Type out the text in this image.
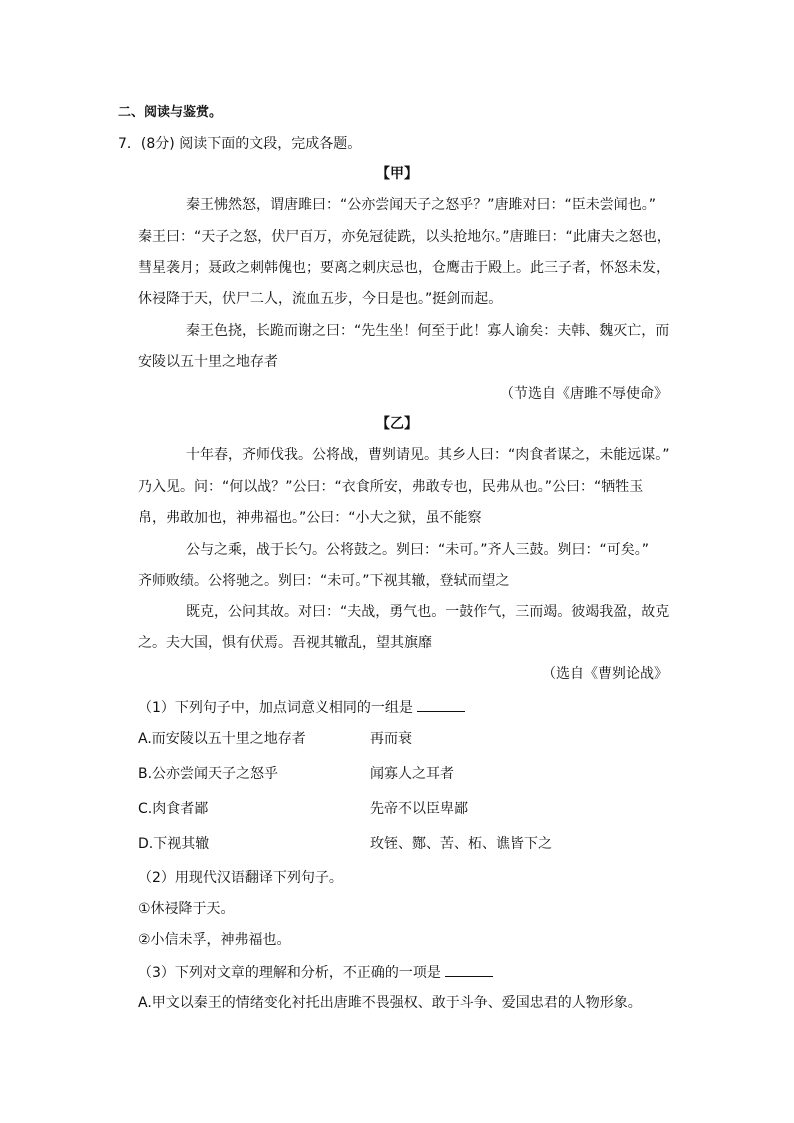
二、阅读与鉴赏。
7．(8分) 阅读下面的文段，完成各题。
【甲】
秦王怫然怒，谓唐雎曰：“公亦尝闻天子之怒乎？”唐雎对曰：“臣未尝闻也。”
秦王曰：“天子之怒，伏尸百万，亦免冠徒跣，以头抢地尔。”唐雎曰：“此庸夫之怒也，
彗星袭月；聂政之刺韩傀也；要离之刺庆忌也，仓鹰击于殿上。此三子者，怀怒未发，
休祲降于天，伏尸二人，流血五步，今日是也。”挺剑而起。
秦王色挠，长跪而谢之曰：“先生坐！何至于此！寡人谕矣：夫韩、魏灭亡，而
安陵以五十里之地存者
（节选自《唐雎不辱使命》
【乙】
十年春，齐师伐我。公将战，曹刿请见。其乡人曰：“肉食者谋之，未能远谋。”
乃入见。问：“何以战？”公曰：“衣食所安，弗敢专也，民弗从也。”公曰：“牺牲玉
帛，弗敢加也，神弗福也。”公曰：“小大之狱，虽不能察
公与之乘，战于长勺。公将鼓之。刿曰：“未可。”齐人三鼓。刿曰：“可矣。”
齐师败绩。公将驰之。刿曰：“未可。”下视其辙，登轼而望之
既克，公问其故。对曰：“夫战，勇气也。一鼓作气，三而竭。彼竭我盈，故克
之。夫大国，惧有伏焉。吾视其辙乱，望其旗靡
（选自《曹刿论战》
（1）下列句子中，加点词意义相同的一组是
A.而安陵以五十里之地存者	再而衰
B.公亦尝闻天子之怒乎	闻寡人之耳者
C.肉食者鄙	先帝不以臣卑鄙
D.下视其辙	玫铚、酂、苦、柘、谯皆下之
（2）用现代汉语翻译下列句子。
①休祲降于天。
②小信未孚，神弗福也。
（3）下列对文章的理解和分析，不正确的一项是
A.甲文以秦王的情绪变化衬托出唐雎不畏强权、敢于斗争、爱国忠君的人物形象。
